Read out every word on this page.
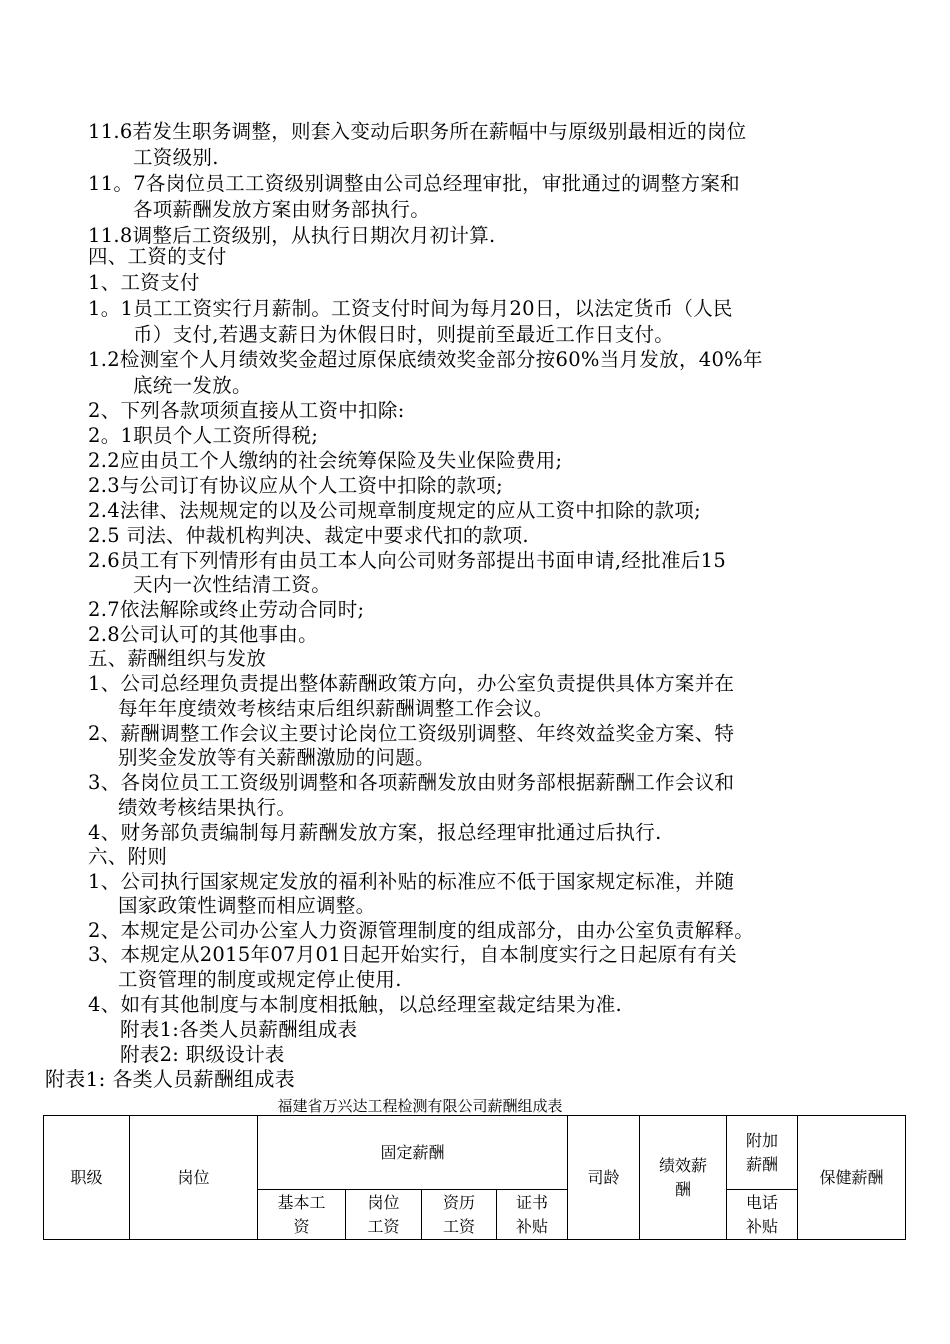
11.6若发生职务调整，则套入变动后职务所在薪幅中与原级别最相近的岗位
工资级别.
11。7各岗位员工工资级别调整由公司总经理审批，审批通过的调整方案和
各项薪酬发放方案由财务部执行。
11.8调整后工资级别，从执行日期次月初计算.
四、工资的支付
1、工资支付
1。1员工工资实行月薪制。工资支付时间为每月20日，以法定货币（人民
币）支付,若遇支薪日为休假日时，则提前至最近工作日支付。
1.2检测室个人月绩效奖金超过原保底绩效奖金部分按60%当月发放，40%年
底统一发放。
2、下列各款项须直接从工资中扣除:
2。1职员个人工资所得税;
2.2应由员工个人缴纳的社会统筹保险及失业保险费用;
2.3与公司订有协议应从个人工资中扣除的款项;
2.4法律、法规规定的以及公司规章制度规定的应从工资中扣除的款项;
2.5 司法、仲裁机构判决、裁定中要求代扣的款项.
2.6员工有下列情形有由员工本人向公司财务部提出书面申请,经批准后15
天内一次性结清工资。
2.7依法解除或终止劳动合同时;
2.8公司认可的其他事由。
五、薪酬组织与发放
1、公司总经理负责提出整体薪酬政策方向，办公室负责提供具体方案并在
每年年度绩效考核结束后组织薪酬调整工作会议。
2、薪酬调整工作会议主要讨论岗位工资级别调整、年终效益奖金方案、特
别奖金发放等有关薪酬激励的问题。
3、各岗位员工工资级别调整和各项薪酬发放由财务部根据薪酬工作会议和
绩效考核结果执行。
4、财务部负责编制每月薪酬发放方案，报总经理审批通过后执行.
六、附则
1、公司执行国家规定发放的福利补贴的标准应不低于国家规定标准，并随
国家政策性调整而相应调整。
2、本规定是公司办公室人力资源管理制度的组成部分，由办公室负责解释。
3、本规定从2015年07月01日起开始实行，自本制度实行之日起原有有关
工资管理的制度或规定停止使用.
4、如有其他制度与本制度相抵触，以总经理室裁定结果为准.
附表1:各类人员薪酬组成表
附表2: 职级设计表
附表1: 各类人员薪酬组成表
福建省万兴达工程检测有限公司薪酬组成表
职级	岗位	固定薪酬				司龄	绩效薪酬	附加薪酬	保健薪酬
		基本工资	岗位工资	资历工资	证书补贴			电话补贴	
